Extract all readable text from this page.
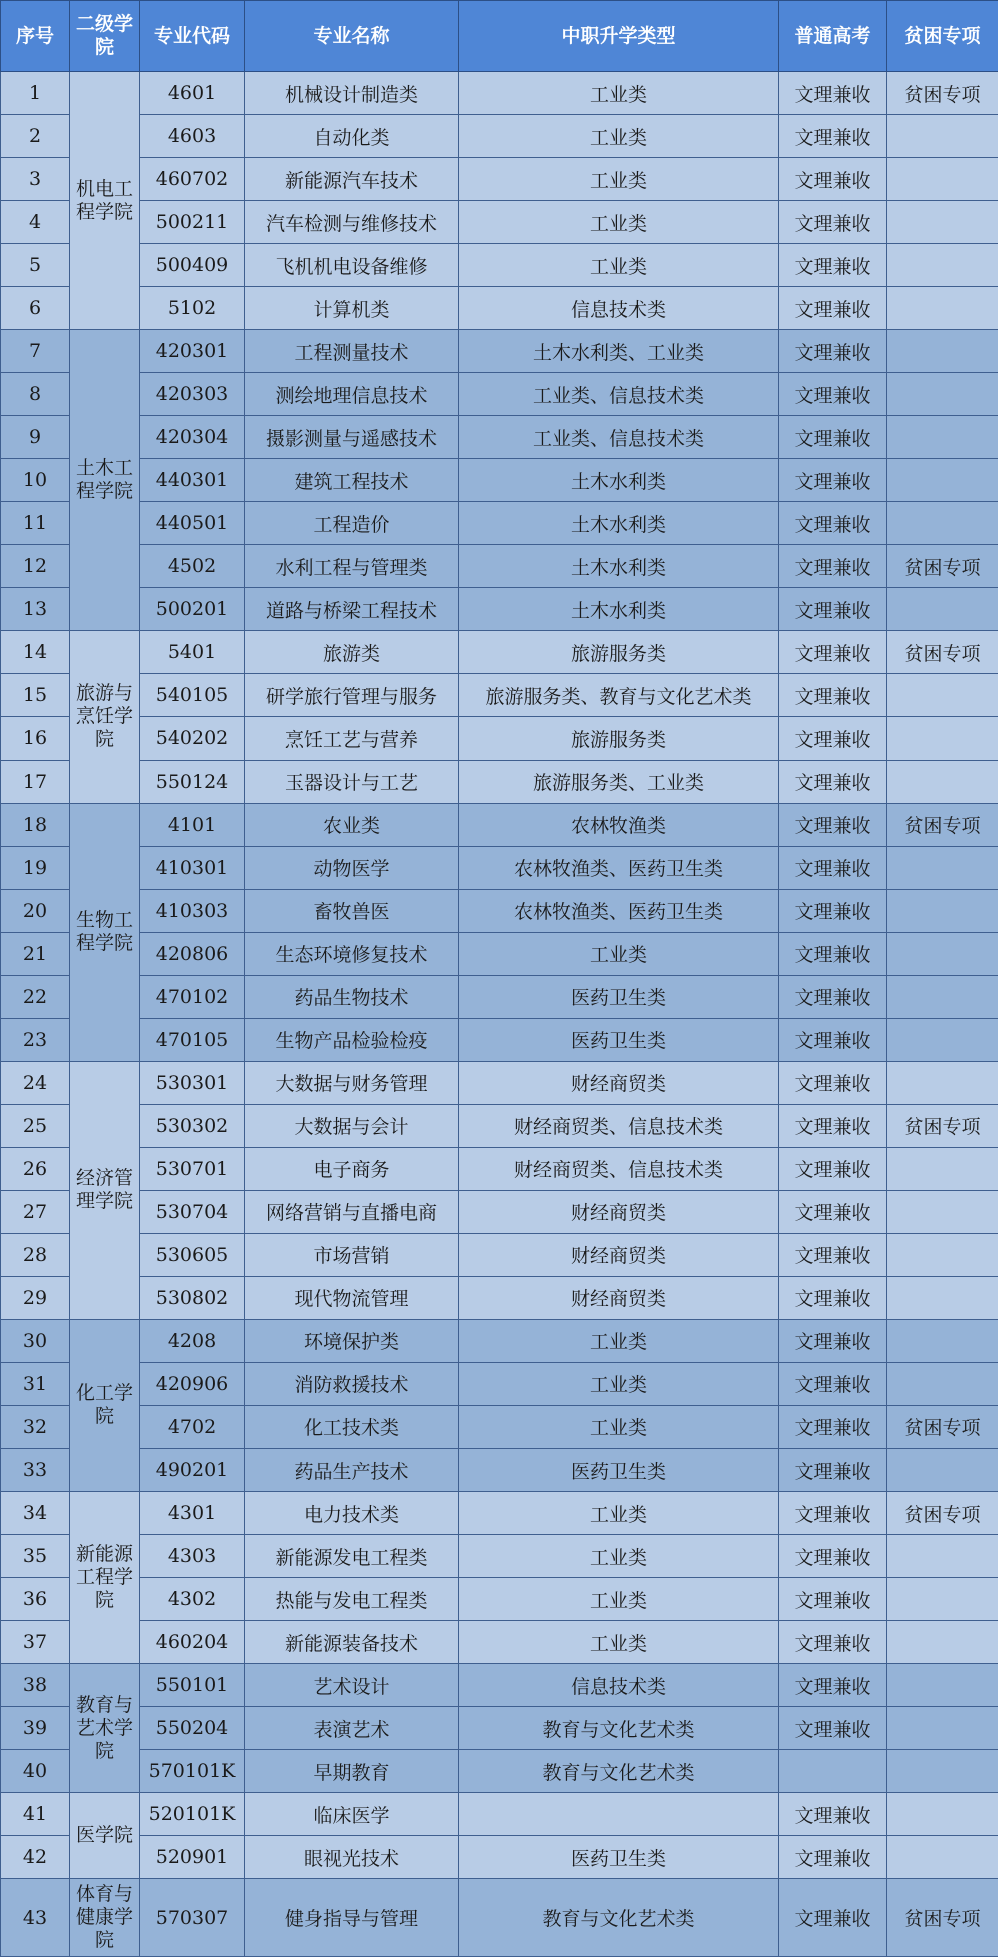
序号	二级学院	专业代码	专业名称	中职升学类型	普通高考	贫困专项
1	机电工程学院	4601	机械设计制造类	工业类	文理兼收	贫困专项
2		4603	自动化类	工业类	文理兼收	
3		460702	新能源汽车技术	工业类	文理兼收	
4		500211	汽车检测与维修技术	工业类	文理兼收	
5		500409	飞机机电设备维修	工业类	文理兼收	
6		5102	计算机类	信息技术类	文理兼收	
7	土木工程学院	420301	工程测量技术	土木水利类、工业类	文理兼收	
8		420303	测绘地理信息技术	工业类、信息技术类	文理兼收	
9		420304	摄影测量与遥感技术	工业类、信息技术类	文理兼收	
10		440301	建筑工程技术	土木水利类	文理兼收	
11		440501	工程造价	土木水利类	文理兼收	
12		4502	水利工程与管理类	土木水利类	文理兼收	贫困专项
13		500201	道路与桥梁工程技术	土木水利类	文理兼收	
14	旅游与烹饪学院	5401	旅游类	旅游服务类	文理兼收	贫困专项
15		540105	研学旅行管理与服务	旅游服务类、教育与文化艺术类	文理兼收	
16		540202	烹饪工艺与营养	旅游服务类	文理兼收	
17		550124	玉器设计与工艺	旅游服务类、工业类	文理兼收	
18	生物工程学院	4101	农业类	农林牧渔类	文理兼收	贫困专项
19		410301	动物医学	农林牧渔类、医药卫生类	文理兼收	
20		410303	畜牧兽医	农林牧渔类、医药卫生类	文理兼收	
21		420806	生态环境修复技术	工业类	文理兼收	
22		470102	药品生物技术	医药卫生类	文理兼收	
23		470105	生物产品检验检疫	医药卫生类	文理兼收	
24	经济管理学院	530301	大数据与财务管理	财经商贸类	文理兼收	
25		530302	大数据与会计	财经商贸类、信息技术类	文理兼收	贫困专项
26		530701	电子商务	财经商贸类、信息技术类	文理兼收	
27		530704	网络营销与直播电商	财经商贸类	文理兼收	
28		530605	市场营销	财经商贸类	文理兼收	
29		530802	现代物流管理	财经商贸类	文理兼收	
30	化工学院	4208	环境保护类	工业类	文理兼收	
31		420906	消防救援技术	工业类	文理兼收	
32		4702	化工技术类	工业类	文理兼收	贫困专项
33		490201	药品生产技术	医药卫生类	文理兼收	
34	新能源工程学院	4301	电力技术类	工业类	文理兼收	贫困专项
35		4303	新能源发电工程类	工业类	文理兼收	
36		4302	热能与发电工程类	工业类	文理兼收	
37		460204	新能源装备技术	工业类	文理兼收	
38	教育与艺术学院	550101	艺术设计	信息技术类	文理兼收	
39		550204	表演艺术	教育与文化艺术类	文理兼收	
40		570101K	早期教育	教育与文化艺术类		
41	医学院	520101K	临床医学		文理兼收	
42		520901	眼视光技术	医药卫生类	文理兼收	
43	体育与健康学院	570307	健身指导与管理	教育与文化艺术类	文理兼收	贫困专项
